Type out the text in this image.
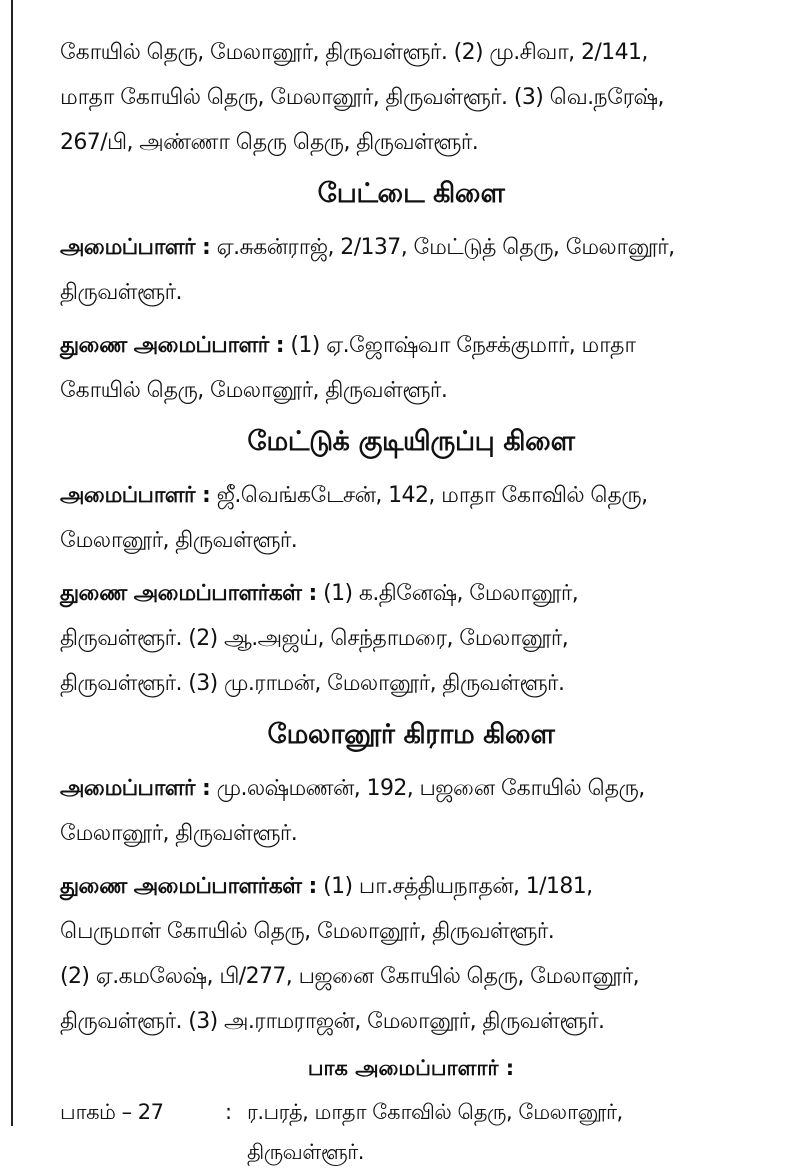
கோயில் தெரு, மேலானூர், திருவள்ளூர். (2) மு.சிவா, 2/141,
மாதா கோயில் தெரு, மேலானூர், திருவள்ளூர். (3) வெ.நரேஷ்,
267/பி, அண்ணா தெரு தெரு, திருவள்ளூர்.

பேட்டை கிளை

அமைப்பாளர் : ஏ.சுகன்ராஜ், 2/137, மேட்டுத் தெரு, மேலானூர்,
திருவள்ளூர்.

துணை அமைப்பாளர் : (1) ஏ.ஜோஷ்வா நேசக்குமார், மாதா
கோயில் தெரு, மேலானூர், திருவள்ளூர்.

மேட்டுக் குடியிருப்பு கிளை

அமைப்பாளர் : ஜீ.வெங்கடேசன், 142, மாதா கோவில் தெரு,
மேலானூர், திருவள்ளூர்.

துணை அமைப்பாளர்கள் : (1) க.தினேஷ், மேலானூர்,
திருவள்ளூர். (2) ஆ.அஜய், செந்தாமரை, மேலானூர்,
திருவள்ளூர். (3) மு.ராமன், மேலானூர், திருவள்ளூர்.

மேலானூர் கிராம கிளை

அமைப்பாளர் : மு.லஷ்மணன், 192, பஜனை கோயில் தெரு,
மேலானூர், திருவள்ளூர்.

துணை அமைப்பாளர்கள் : (1) பா.சத்தியநாதன், 1/181,
பெருமாள் கோயில் தெரு, மேலானூர், திருவள்ளூர்.
(2) ஏ.கமலேஷ், பி/277, பஜனை கோயில் தெரு, மேலானூர்,
திருவள்ளூர். (3) அ.ராமராஜன், மேலானூர், திருவள்ளூர்.

பாக அமைப்பாளார் :
பாகம் – 27	: ர.பரத், மாதா கோவில் தெரு, மேலானூர்,
திருவள்ளூர்.
